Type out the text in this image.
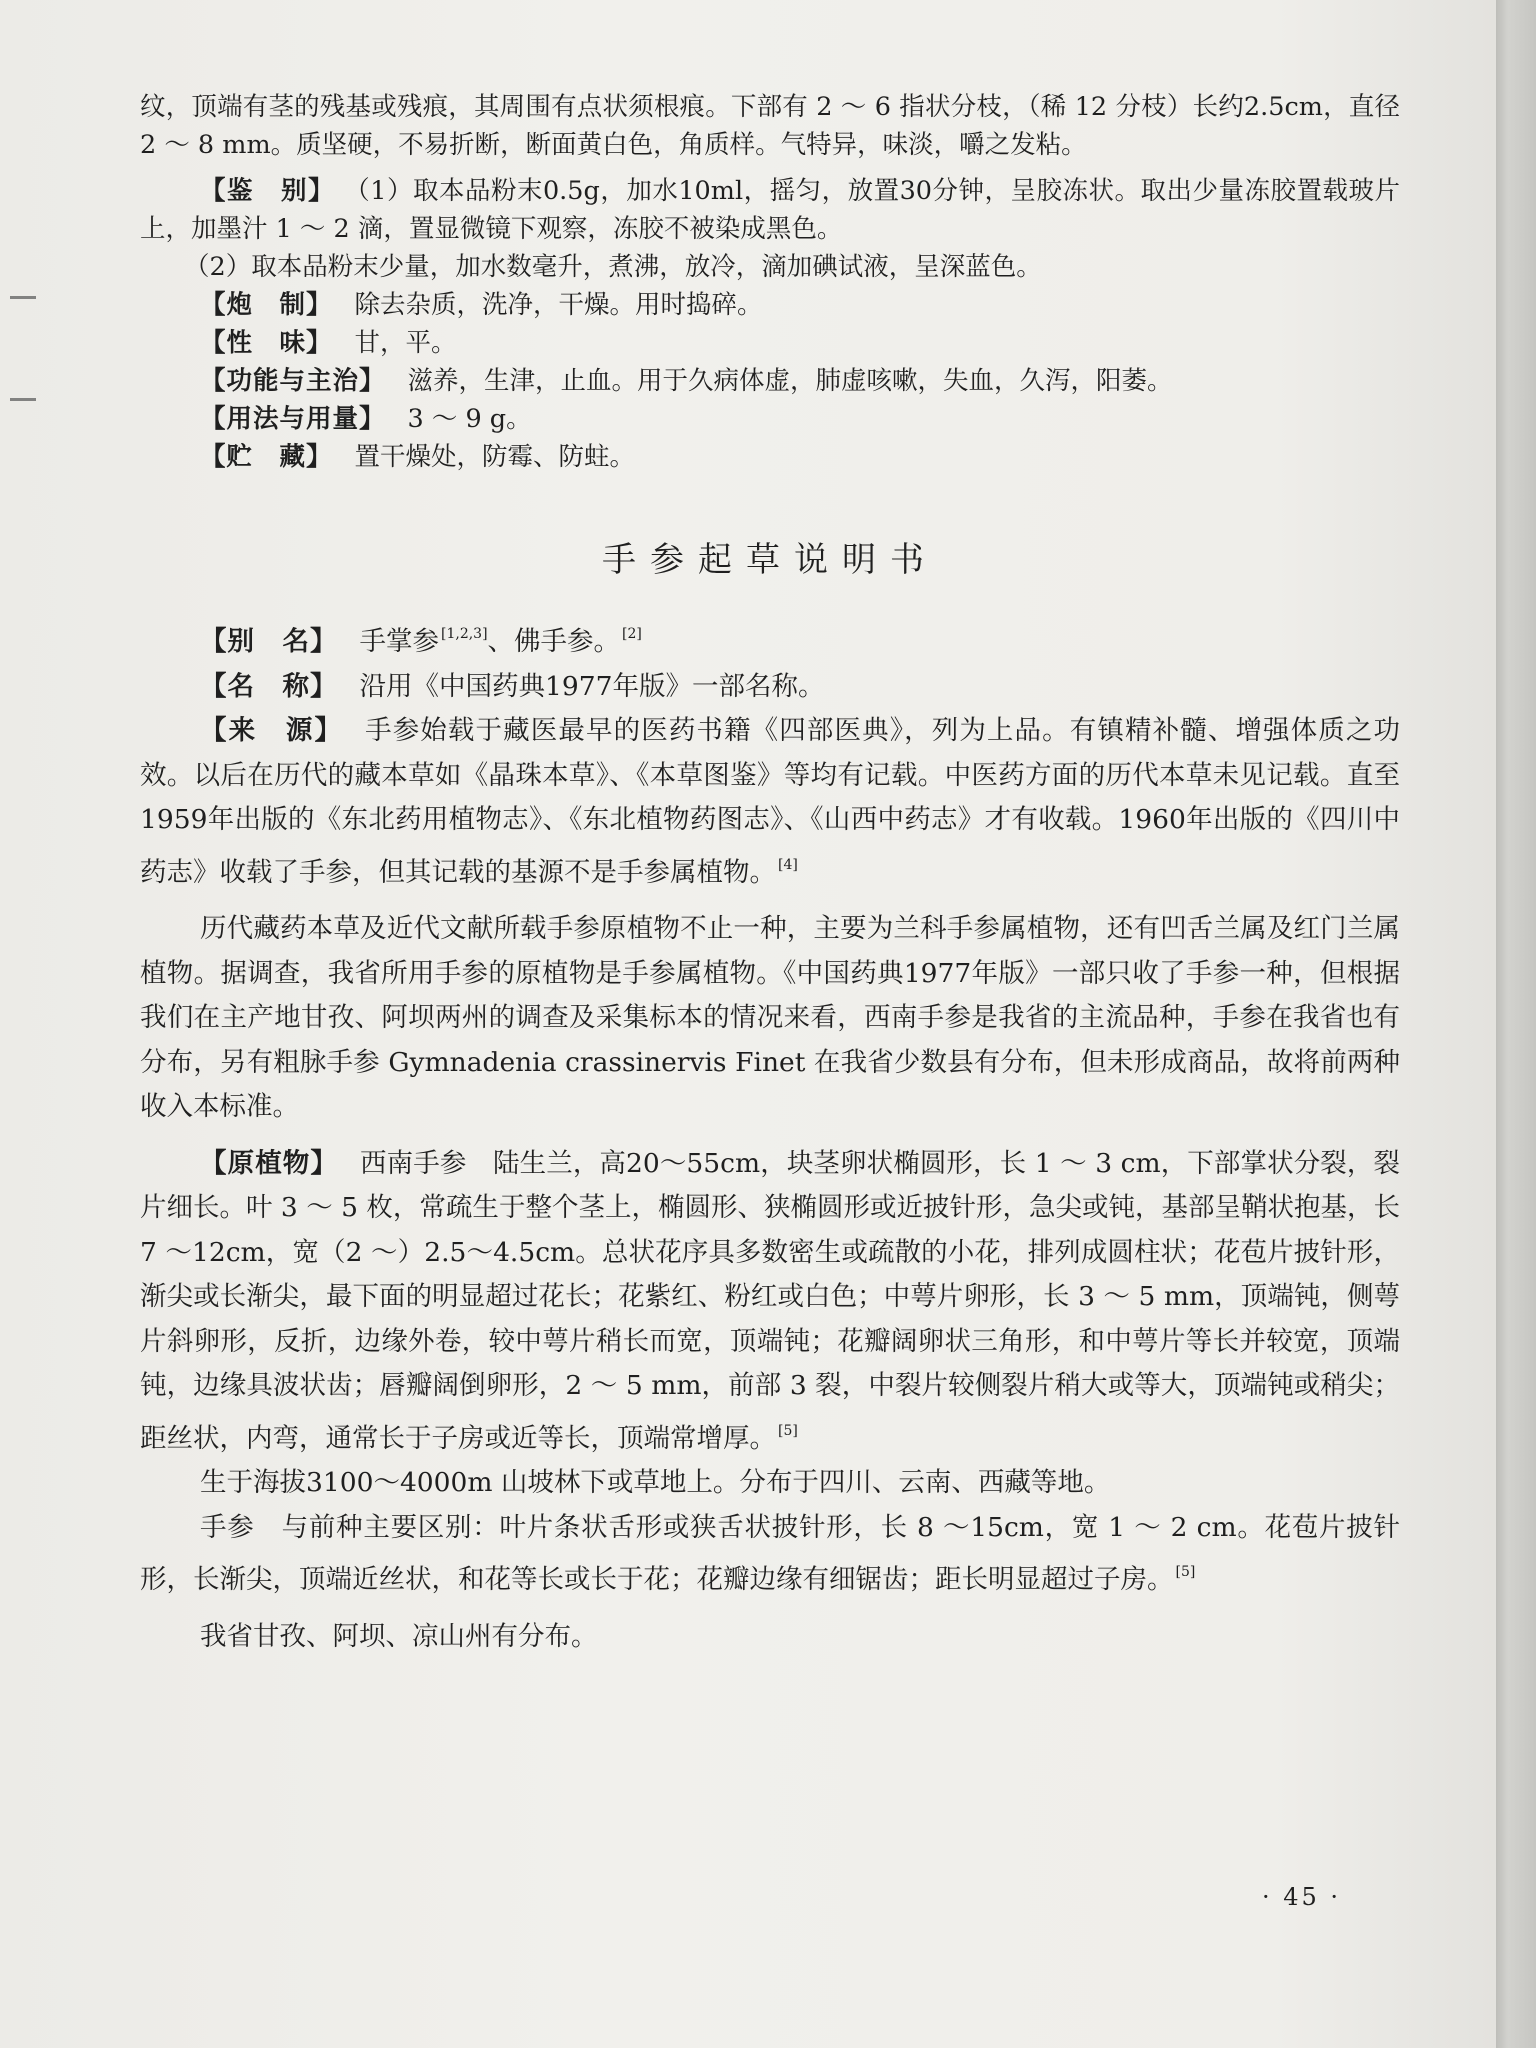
纹，顶端有茎的残基或残痕，其周围有点状须根痕。下部有 2 ～ 6 指状分枝，（稀 12 分枝）长约2.5cm，直径 2 ～ 8 mm。质坚硬，不易折断，断面黄白色，角质样。气特异，味淡，嚼之发粘。

【鉴　别】 （1）取本品粉末0.5g，加水10ml，摇匀，放置30分钟，呈胶冻状。取出少量冻胶置载玻片上，加墨汁 1 ～ 2 滴，置显微镜下观察，冻胶不被染成黑色。

（2）取本品粉末少量，加水数毫升，煮沸，放冷，滴加碘试液，呈深蓝色。

【炮　制】 除去杂质，洗净，干燥。用时捣碎。

【性　味】 甘，平。

【功能与主治】 滋养，生津，止血。用于久病体虚，肺虚咳嗽，失血，久泻，阳萎。

【用法与用量】 3 ～ 9 g。

【贮　藏】 置干燥处，防霉、防蛀。

手参起草说明书

【别　名】 手掌参 [1,2,3]、佛手参。 [2]

【名　称】 沿用《中国药典1977年版》一部名称。

【来　源】 手参始载于藏医最早的医药书籍《四部医典》，列为上品。有镇精补髓、增强体质之功效。以后在历代的藏本草如《晶珠本草》、《本草图鉴》等均有记载。中医药方面的历代本草未见记载。直至1959年出版的《东北药用植物志》、《东北植物药图志》、《山西中药志》才有收载。1960年出版的《四川中药志》收载了手参，但其记载的基源不是手参属植物。 [4]

历代藏药本草及近代文献所载手参原植物不止一种，主要为兰科手参属植物，还有凹舌兰属及红门兰属植物。据调查，我省所用手参的原植物是手参属植物。《中国药典1977年版》一部只收了手参一种，但根据我们在主产地甘孜、阿坝两州的调查及采集标本的情况来看，西南手参是我省的主流品种，手参在我省也有分布，另有粗脉手参 Gymnadenia crassinervis Finet 在我省少数县有分布，但未形成商品，故将前两种收入本标准。

【原植物】 西南手参　陆生兰，高20～55cm，块茎卵状椭圆形，长 1 ～ 3 cm，下部掌状分裂，裂片细长。叶 3 ～ 5 枚，常疏生于整个茎上，椭圆形、狭椭圆形或近披针形，急尖或钝，基部呈鞘状抱基，长 7 ～12cm，宽（2 ～）2.5～4.5cm。总状花序具多数密生或疏散的小花，排列成圆柱状；花苞片披针形，渐尖或长渐尖，最下面的明显超过花长；花紫红、粉红或白色；中萼片卵形，长 3 ～ 5 mm，顶端钝，侧萼片斜卵形，反折，边缘外卷，较中萼片稍长而宽，顶端钝；花瓣阔卵状三角形，和中萼片等长并较宽，顶端钝，边缘具波状齿；唇瓣阔倒卵形，2 ～ 5 mm，前部 3 裂，中裂片较侧裂片稍大或等大，顶端钝或稍尖；距丝状，内弯，通常长于子房或近等长，顶端常增厚。 [5]

生于海拔3100～4000m 山坡林下或草地上。分布于四川、云南、西藏等地。

手参　与前种主要区别：叶片条状舌形或狭舌状披针形，长 8 ～15cm，宽 1 ～ 2 cm。花苞片披针形，长渐尖，顶端近丝状，和花等长或长于花；花瓣边缘有细锯齿；距长明显超过子房。 [5]

我省甘孜、阿坝、凉山州有分布。

· 45 ·
